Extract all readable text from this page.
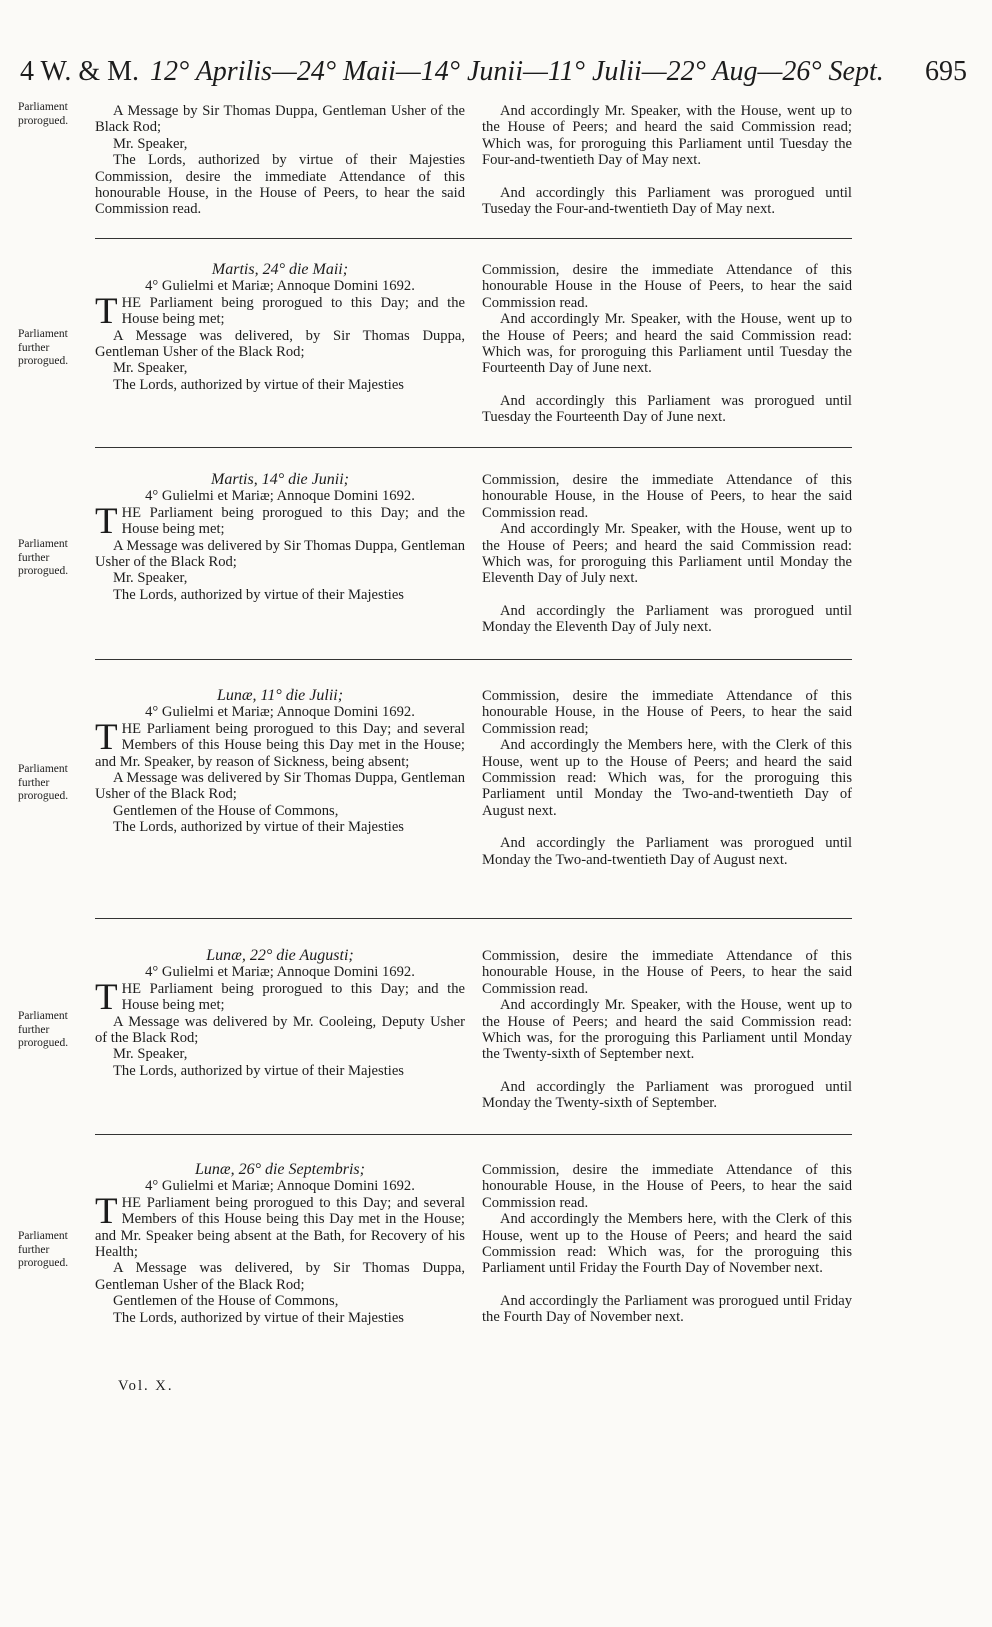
4 W. & M. 12° Aprilis—24° Maii—14° Junii—11° Julii—22° Aug—26° Sept. 695
Parliament prorogued.

A Message by Sir Thomas Duppa, Gentleman Usher of the Black Rod;

Mr. Speaker,

The Lords, authorized by virtue of their Majesties Commission, desire the immediate Attendance of this honourable House, in the House of Peers, to hear the said Commission read.

And accordingly Mr. Speaker, with the House, went up to the House of Peers; and heard the said Commission read; Which was, for proroguing this Parliament until Tuesday the Four-and-twentieth Day of May next.

And accordingly this Parliament was prorogued until Tuseday the Four-and-twentieth Day of May next.

Parliament further prorogued.

Martis, 24° die Maii;

4° Gulielmi et Mariæ; Annoque Domini 1692.

THE Parliament being prorogued to this Day; and the House being met;

A Message was delivered, by Sir Thomas Duppa, Gentleman Usher of the Black Rod;

Mr. Speaker,

The Lords, authorized by virtue of their Majesties

Commission, desire the immediate Attendance of this honourable House in the House of Peers, to hear the said Commission read.

And accordingly Mr. Speaker, with the House, went up to the House of Peers; and heard the said Commission read: Which was, for proroguing this Parliament until Tuesday the Fourteenth Day of June next.

And accordingly this Parliament was prorogued until Tuesday the Fourteenth Day of June next.

Parliament further prorogued.

Martis, 14° die Junii;

4° Gulielmi et Mariæ; Annoque Domini 1692.

THE Parliament being prorogued to this Day; and the House being met;

A Message was delivered by Sir Thomas Duppa, Gentleman Usher of the Black Rod;

Mr. Speaker,

The Lords, authorized by virtue of their Majesties

Commission, desire the immediate Attendance of this honourable House, in the House of Peers, to hear the said Commission read.

And accordingly Mr. Speaker, with the House, went up to the House of Peers; and heard the said Commission read: Which was, for proroguing this Parliament until Monday the Eleventh Day of July next.

And accordingly the Parliament was prorogued until Monday the Eleventh Day of July next.

Parliament further prorogued.

Lunæ, 11° die Julii;

4° Gulielmi et Mariæ; Annoque Domini 1692.

THE Parliament being prorogued to this Day; and several Members of this House being this Day met in the House; and Mr. Speaker, by reason of Sickness, being absent;

A Message was delivered by Sir Thomas Duppa, Gentleman Usher of the Black Rod;

Gentlemen of the House of Commons,

The Lords, authorized by virtue of their Majesties

Commission, desire the immediate Attendance of this honourable House, in the House of Peers, to hear the said Commission read;

And accordingly the Members here, with the Clerk of this House, went up to the House of Peers; and heard the said Commission read: Which was, for the proroguing this Parliament until Monday the Two-and-twentieth Day of August next.

And accordingly the Parliament was prorogued until Monday the Two-and-twentieth Day of August next.

Parliament further prorogued.

Lunæ, 22° die Augusti;

4° Gulielmi et Mariæ; Annoque Domini 1692.

THE Parliament being prorogued to this Day; and the House being met;

A Message was delivered by Mr. Cooleing, Deputy Usher of the Black Rod;

Mr. Speaker,

The Lords, authorized by virtue of their Majesties

Commission, desire the immediate Attendance of this honourable House, in the House of Peers, to hear the said Commission read.

And accordingly Mr. Speaker, with the House, went up to the House of Peers; and heard the said Commission read: Which was, for the proroguing this Parliament until Monday the Twenty-sixth of September next.

And accordingly the Parliament was prorogued until Monday the Twenty-sixth of September.

Parliament further prorogued.

Lunæ, 26° die Septembris;

4° Gulielmi et Mariæ; Annoque Domini 1692.

THE Parliament being prorogued to this Day; and several Members of this House being this Day met in the House; and Mr. Speaker being absent at the Bath, for Recovery of his Health;

A Message was delivered, by Sir Thomas Duppa, Gentleman Usher of the Black Rod;

Gentlemen of the House of Commons,

The Lords, authorized by virtue of their Majesties

Commission, desire the immediate Attendance of this honourable House, in the House of Peers, to hear the said Commission read.

And accordingly the Members here, with the Clerk of this House, went up to the House of Peers; and heard the said Commission read: Which was, for the proroguing this Parliament until Friday the Fourth Day of November next.

And accordingly the Parliament was prorogued until Friday the Fourth Day of November next.

Vol. X.
